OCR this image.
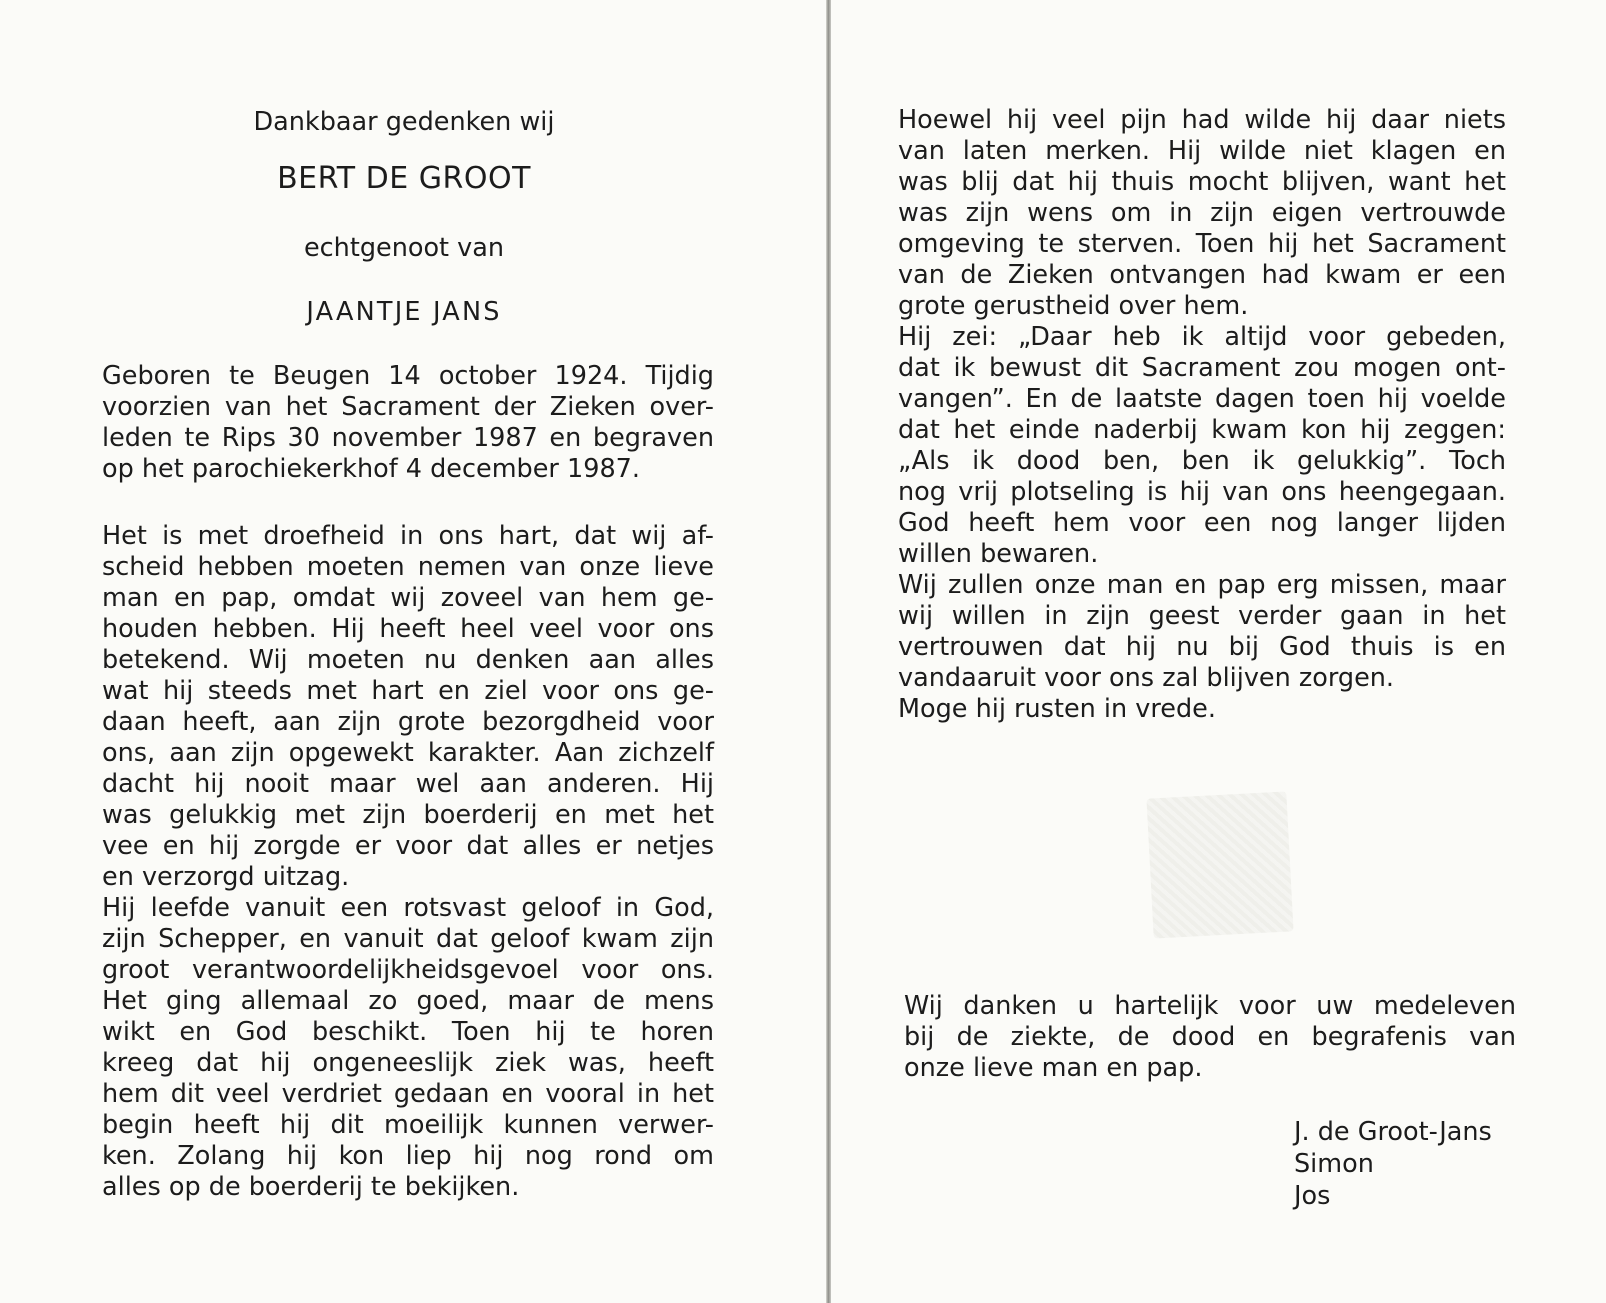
Dankbaar gedenken wij
BERT DE GROOT
echtgenoot van
JAANTJE JANS
Geboren te Beugen 14 october 1924. Tijdig
voorzien van het Sacrament der Zieken over-
leden te Rips 30 november 1987 en begraven
op het parochiekerkhof 4 december 1987.
Het is met droefheid in ons hart, dat wij af-
scheid hebben moeten nemen van onze lieve
man en pap, omdat wij zoveel van hem ge-
houden hebben. Hij heeft heel veel voor ons
betekend. Wij moeten nu denken aan alles
wat hij steeds met hart en ziel voor ons ge-
daan heeft, aan zijn grote bezorgdheid voor
ons, aan zijn opgewekt karakter. Aan zichzelf
dacht hij nooit maar wel aan anderen. Hij
was gelukkig met zijn boerderij en met het
vee en hij zorgde er voor dat alles er netjes
en verzorgd uitzag.
Hij leefde vanuit een rotsvast geloof in God,
zijn Schepper, en vanuit dat geloof kwam zijn
groot verantwoordelijkheidsgevoel voor ons.
Het ging allemaal zo goed, maar de mens
wikt en God beschikt. Toen hij te horen
kreeg dat hij ongeneeslijk ziek was, heeft
hem dit veel verdriet gedaan en vooral in het
begin heeft hij dit moeilijk kunnen verwer-
ken. Zolang hij kon liep hij nog rond om
alles op de boerderij te bekijken.
Hoewel hij veel pijn had wilde hij daar niets
van laten merken. Hij wilde niet klagen en
was blij dat hij thuis mocht blijven, want het
was zijn wens om in zijn eigen vertrouwde
omgeving te sterven. Toen hij het Sacrament
van de Zieken ontvangen had kwam er een
grote gerustheid over hem.
Hij zei: „Daar heb ik altijd voor gebeden,
dat ik bewust dit Sacrament zou mogen ont-
vangen”. En de laatste dagen toen hij voelde
dat het einde naderbij kwam kon hij zeggen:
„Als ik dood ben, ben ik gelukkig”. Toch
nog vrij plotseling is hij van ons heengegaan.
God heeft hem voor een nog langer lijden
willen bewaren.
Wij zullen onze man en pap erg missen, maar
wij willen in zijn geest verder gaan in het
vertrouwen dat hij nu bij God thuis is en
vandaaruit voor ons zal blijven zorgen.
Moge hij rusten in vrede.
Wij danken u hartelijk voor uw medeleven
bij de ziekte, de dood en begrafenis van
onze lieve man en pap.
J. de Groot-Jans
Simon
Jos
